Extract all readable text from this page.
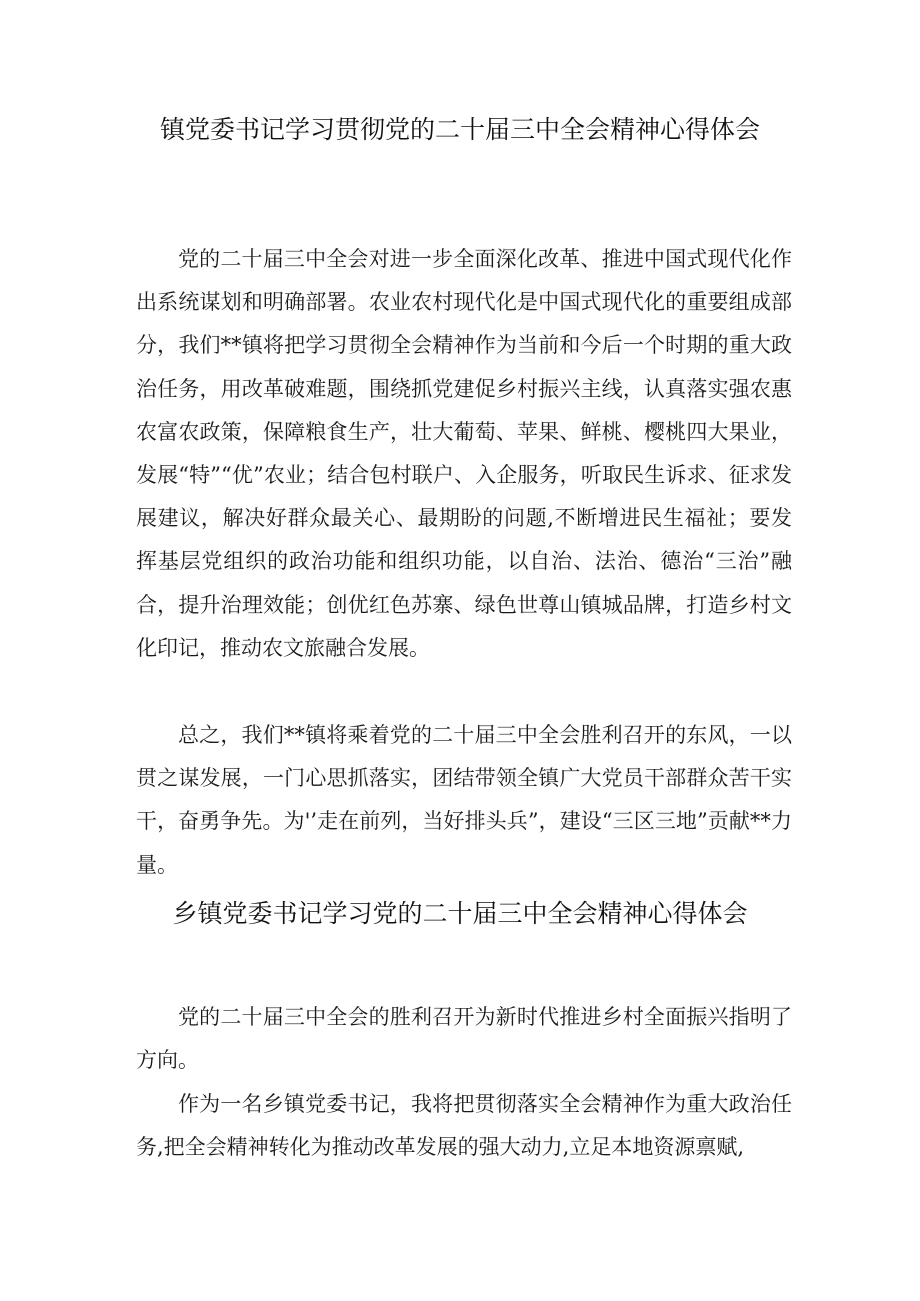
镇党委书记学习贯彻党的二十届三中全会精神心得体会

党的二十届三中全会对进一步全面深化改革、推进中国式现代化作出系统谋划和明确部署。农业农村现代化是中国式现代化的重要组成部分，我们**镇将把学习贯彻全会精神作为当前和今后一个时期的重大政治任务，用改革破难题，围绕抓党建促乡村振兴主线，认真落实强农惠农富农政策，保障粮食生产，壮大葡萄、苹果、鲜桃、樱桃四大果业，发展“特”“优”农业；结合包村联户、入企服务，听取民生诉求、征求发展建议，解决好群众最关心、最期盼的问题,不断增进民生福祉；要发挥基层党组织的政治功能和组织功能，以自治、法治、德治“三治”融合，提升治理效能；创优红色苏寨、绿色世尊山镇城品牌，打造乡村文化印记，推动农文旅融合发展。

总之，我们**镇将乘着党的二十届三中全会胜利召开的东风，一以贯之谋发展，一门心思抓落实，团结带领全镇广大党员干部群众苦干实干，奋勇争先。为'’走在前列，当好排头兵”，建设“三区三地”贡献**力量。

乡镇党委书记学习党的二十届三中全会精神心得体会

党的二十届三中全会的胜利召开为新时代推进乡村全面振兴指明了方向。

作为一名乡镇党委书记，我将把贯彻落实全会精神作为重大政治任务,把全会精神转化为推动改革发展的强大动力,立足本地资源禀赋,
